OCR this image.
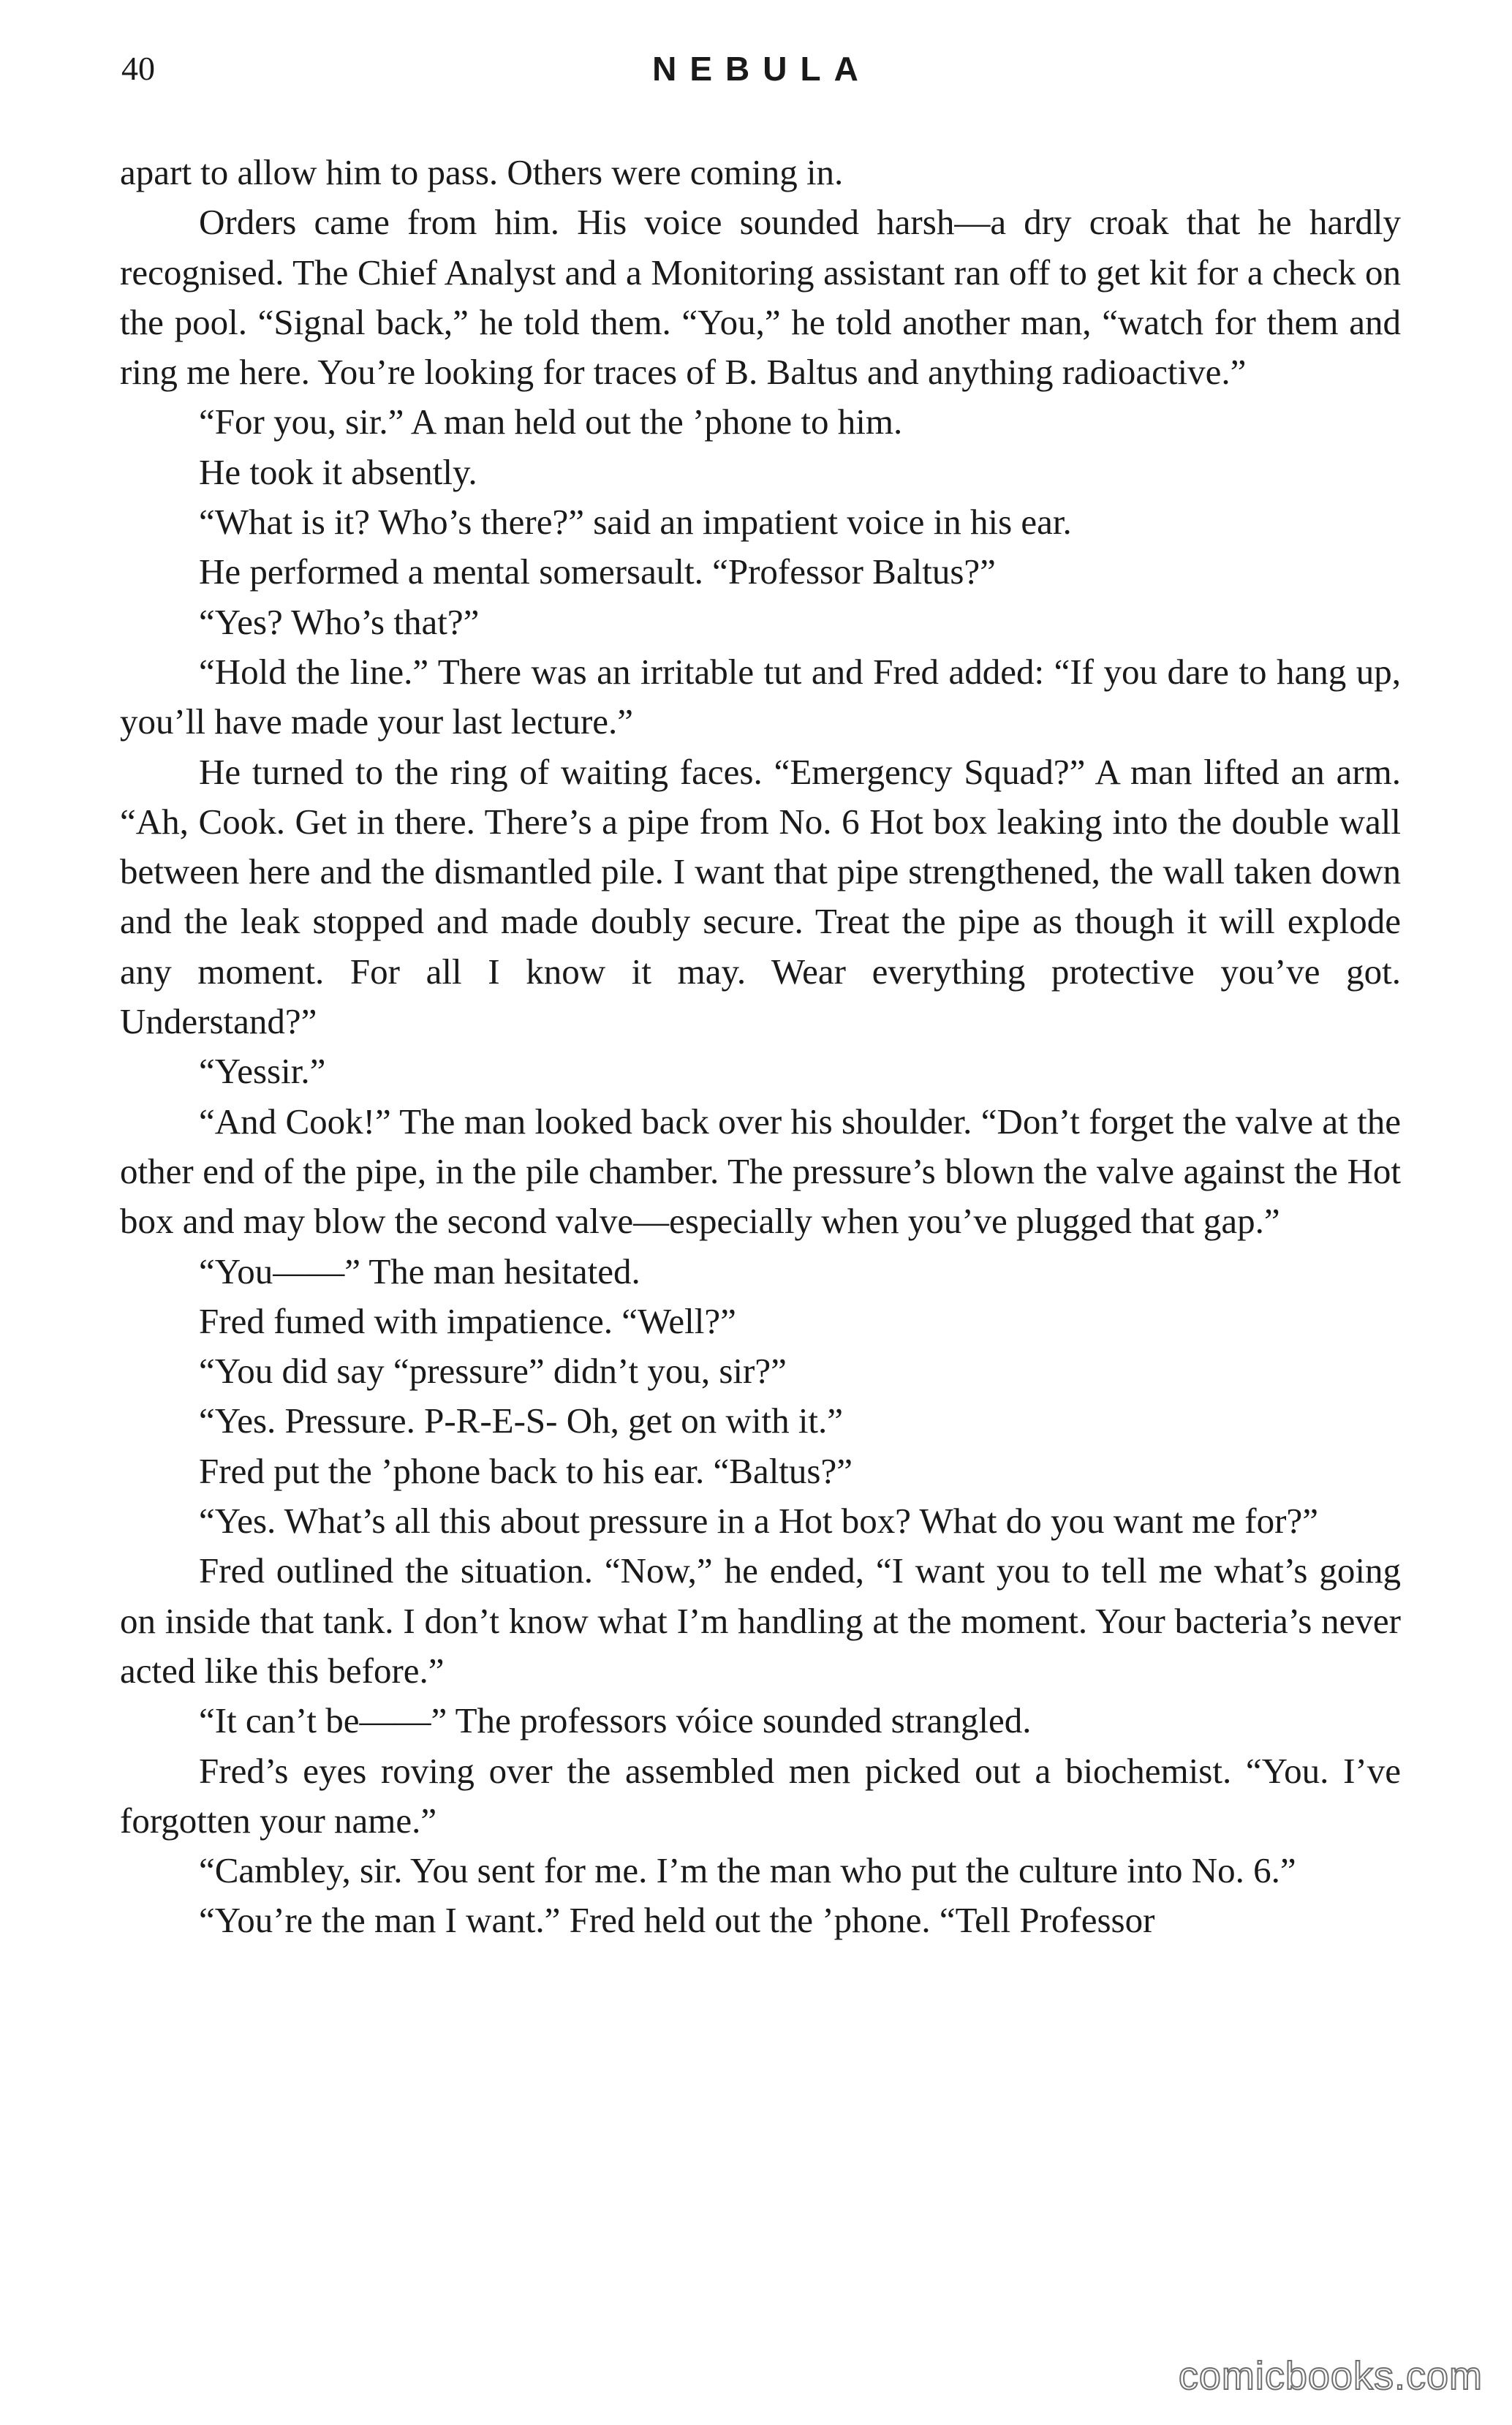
40	NEBULA

apart to allow him to pass. Others were coming in.

Orders came from him. His voice sounded harsh—a dry croak that he hardly recognised. The Chief Analyst and a Monitoring assistant ran off to get kit for a check on the pool. “Signal back,” he told them. “You,” he told another man, “watch for them and ring me here. You’re looking for traces of B. Baltus and anything radioactive.”

“For you, sir.” A man held out the ’phone to him.

He took it absently.

“What is it? Who’s there?” said an impatient voice in his ear.

He performed a mental somersault. “Professor Baltus?”

“Yes? Who’s that?”

“Hold the line.” There was an irritable tut and Fred added: “If you dare to hang up, you’ll have made your last lecture.”

He turned to the ring of waiting faces. “Emergency Squad?” A man lifted an arm. “Ah, Cook. Get in there. There’s a pipe from No. 6 Hot box leaking into the double wall between here and the dismantled pile. I want that pipe strengthened, the wall taken down and the leak stopped and made doubly secure. Treat the pipe as though it will explode any moment. For all I know it may. Wear everything protective you’ve got. Understand?”

“Yessir.”

“And Cook!” The man looked back over his shoulder. “Don’t forget the valve at the other end of the pipe, in the pile chamber. The pressure’s blown the valve against the Hot box and may blow the second valve—especially when you’ve plugged that gap.”

“You——” The man hesitated.

Fred fumed with impatience. “Well?”

“You did say “pressure” didn’t you, sir?”

“Yes. Pressure. P-R-E-S- Oh, get on with it.”

Fred put the ’phone back to his ear. “Baltus?”

“Yes. What’s all this about pressure in a Hot box? What do you want me for?”

Fred outlined the situation. “Now,” he ended, “I want you to tell me what’s going on inside that tank. I don’t know what I’m handling at the moment. Your bacteria’s never acted like this before.”

“It can’t be——” The professors vóice sounded strangled.

Fred’s eyes roving over the assembled men picked out a biochemist. “You. I’ve forgotten your name.”

“Cambley, sir. You sent for me. I’m the man who put the culture into No. 6.”

“You’re the man I want.” Fred held out the ’phone. “Tell Professor

comicbooks.com
